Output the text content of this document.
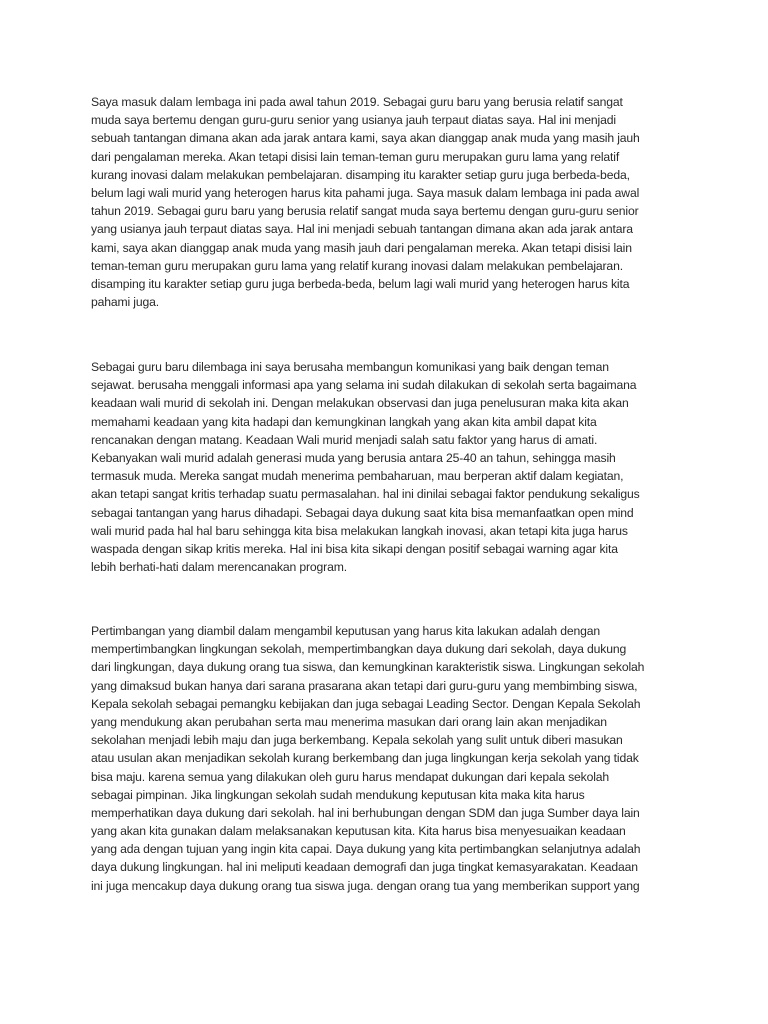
Saya masuk dalam lembaga ini pada awal tahun 2019. Sebagai guru baru yang berusia relatif sangat
muda saya bertemu dengan guru-guru senior yang usianya jauh terpaut diatas saya. Hal ini menjadi
sebuah tantangan dimana akan ada jarak antara kami, saya akan dianggap anak muda yang masih jauh
dari pengalaman mereka. Akan tetapi disisi lain teman-teman guru merupakan guru lama yang relatif
kurang inovasi dalam melakukan pembelajaran. disamping itu karakter setiap guru juga berbeda-beda,
belum lagi wali murid yang heterogen harus kita pahami juga. Saya masuk dalam lembaga ini pada awal
tahun 2019. Sebagai guru baru yang berusia relatif sangat muda saya bertemu dengan guru-guru senior
yang usianya jauh terpaut diatas saya. Hal ini menjadi sebuah tantangan dimana akan ada jarak antara
kami, saya akan dianggap anak muda yang masih jauh dari pengalaman mereka. Akan tetapi disisi lain
teman-teman guru merupakan guru lama yang relatif kurang inovasi dalam melakukan pembelajaran.
disamping itu karakter setiap guru juga berbeda-beda, belum lagi wali murid yang heterogen harus kita
pahami juga.
Sebagai guru baru dilembaga ini saya berusaha membangun komunikasi yang baik dengan teman
sejawat. berusaha menggali informasi apa yang selama ini sudah dilakukan di sekolah serta bagaimana
keadaan wali murid di sekolah ini. Dengan melakukan observasi dan juga penelusuran maka kita akan
memahami keadaan yang kita hadapi dan kemungkinan langkah yang akan kita ambil dapat kita
rencanakan dengan matang. Keadaan Wali murid menjadi salah satu faktor yang harus di amati.
Kebanyakan wali murid adalah generasi muda yang berusia antara 25-40 an tahun, sehingga masih
termasuk muda. Mereka sangat mudah menerima pembaharuan, mau berperan aktif dalam kegiatan,
akan tetapi sangat kritis terhadap suatu permasalahan. hal ini dinilai sebagai faktor pendukung sekaligus
sebagai tantangan yang harus dihadapi. Sebagai daya dukung saat kita bisa memanfaatkan open mind
wali murid pada hal hal baru sehingga kita bisa melakukan langkah inovasi, akan tetapi kita juga harus
waspada dengan sikap kritis mereka. Hal ini bisa kita sikapi dengan positif sebagai warning agar kita
lebih berhati-hati dalam merencanakan program.
Pertimbangan yang diambil dalam mengambil keputusan yang harus kita lakukan adalah dengan
mempertimbangkan lingkungan sekolah, mempertimbangkan daya dukung dari sekolah, daya dukung
dari lingkungan, daya dukung orang tua siswa, dan kemungkinan karakteristik siswa. Lingkungan sekolah
yang dimaksud bukan hanya dari sarana prasarana akan tetapi dari guru-guru yang membimbing siswa,
Kepala sekolah sebagai pemangku kebijakan dan juga sebagai Leading Sector. Dengan Kepala Sekolah
yang mendukung akan perubahan serta mau menerima masukan dari orang lain akan menjadikan
sekolahan menjadi lebih maju dan juga berkembang. Kepala sekolah yang sulit untuk diberi masukan
atau usulan akan menjadikan sekolah kurang berkembang dan juga lingkungan kerja sekolah yang tidak
bisa maju. karena semua yang dilakukan oleh guru harus mendapat dukungan dari kepala sekolah
sebagai pimpinan. Jika lingkungan sekolah sudah mendukung keputusan kita maka kita harus
memperhatikan daya dukung dari sekolah. hal ini berhubungan dengan SDM dan juga Sumber daya lain
yang akan kita gunakan dalam melaksanakan keputusan kita. Kita harus bisa menyesuaikan keadaan
yang ada dengan tujuan yang ingin kita capai. Daya dukung yang kita pertimbangkan selanjutnya adalah
daya dukung lingkungan. hal ini meliputi keadaan demografi dan juga tingkat kemasyarakatan. Keadaan
ini juga mencakup daya dukung orang tua siswa juga. dengan orang tua yang memberikan support yang
